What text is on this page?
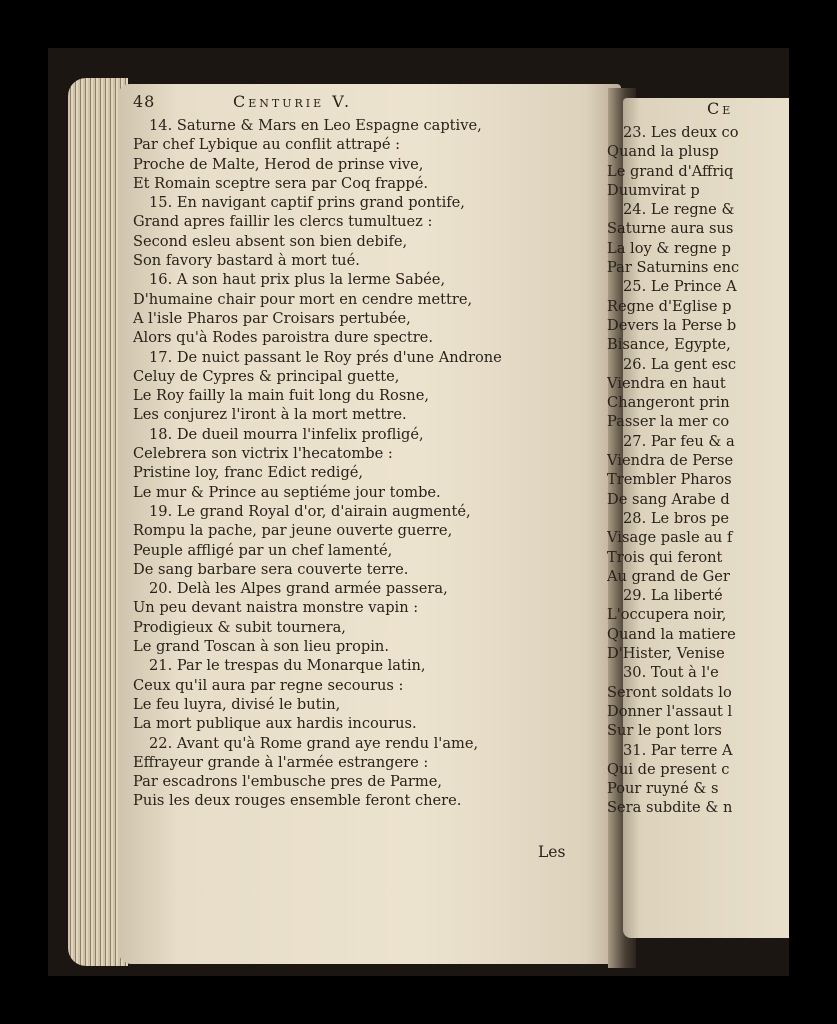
48	Centurie V.
14. Saturne & Mars en Leo Espagne captive,
Par chef Lybique au conflit attrapé :
Proche de Malte, Herod de prinse vive,
Et Romain sceptre sera par Coq frappé.
15. En navigant captif prins grand pontife,
Grand apres faillir les clercs tumultuez :
Second esleu absent son bien debife,
Son favory bastard à mort tué.
16. A son haut prix plus la lerme Sabée,
D'humaine chair pour mort en cendre mettre,
A l'isle Pharos par Croisars pertubée,
Alors qu'à Rodes paroistra dure spectre.
17. De nuict passant le Roy prés d'une Androne
Celuy de Cypres & principal guette,
Le Roy failly la main fuit long du Rosne,
Les conjurez l'iront à la mort mettre.
18. De dueil mourra l'infelix profligé,
Celebrera son victrix l'hecatombe :
Pristine loy, franc Edict redigé,
Le mur & Prince au septiéme jour tombe.
19. Le grand Royal d'or, d'airain augmenté,
Rompu la pache, par jeune ouverte guerre,
Peuple affligé par un chef lamenté,
De sang barbare sera couverte terre.
20. Delà les Alpes grand armée passera,
Un peu devant naistra monstre vapin :
Prodigieux & subit tournera,
Le grand Toscan à son lieu propin.
21. Par le trespas du Monarque latin,
Ceux qu'il aura par regne secourus :
Le feu luyra, divisé le butin,
La mort publique aux hardis incourus.
22. Avant qu'à Rome grand aye rendu l'ame,
Effrayeur grande à l'armée estrangere :
Par escadrons l'embusche pres de Parme,
Puis les deux rouges ensemble feront chere.
Les
Ce
23. Les deux co
Quand la plusp
Le grand d'Affriq
Duumvirat p
24. Le regne &
Saturne aura sus
La loy & regne p
Par Saturnins enc
25. Le Prince A
Regne d'Eglise p
Devers la Perse b
Bisance, Egypte,
26. La gent esc
Viendra en haut
Changeront prin
Passer la mer co
27. Par feu & a
Viendra de Perse
Trembler Pharos
De sang Arabe d
28. Le bros pe
Visage pasle au f
Trois qui feront
Au grand de Ger
29. La liberté
L'occupera noir,
Quand la matiere
D'Hister, Venise
30. Tout à l'e
Seront soldats lo
Donner l'assaut l
Sur le pont lors
31. Par terre A
Qui de present c
Pour ruyné & s
Sera subdite & n
